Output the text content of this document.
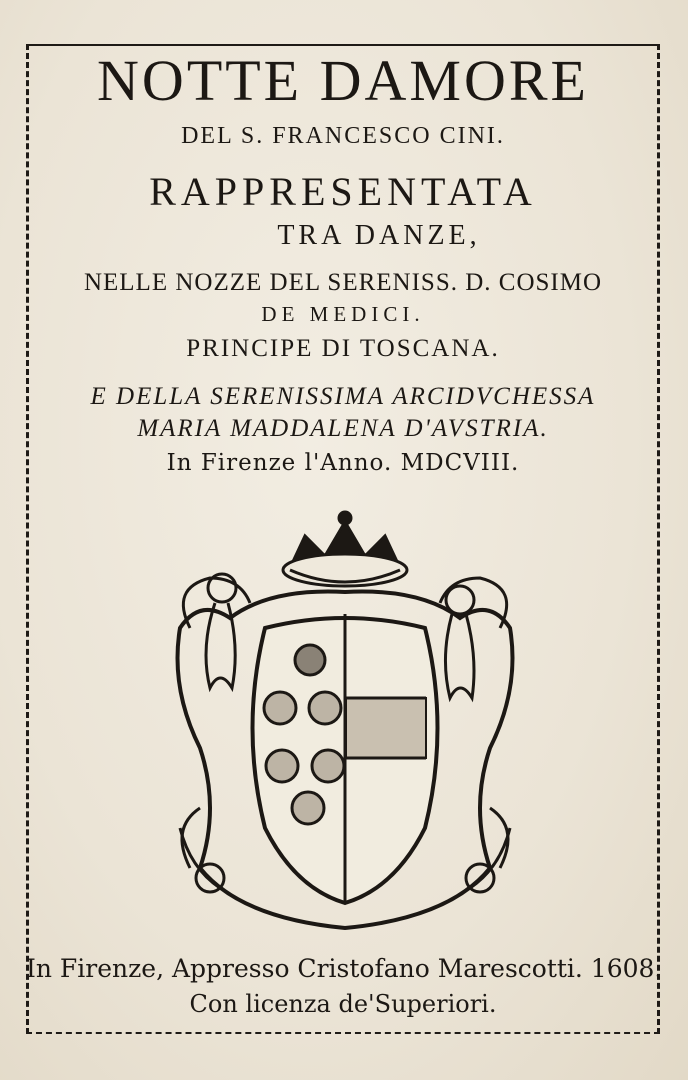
NOTTE DAMORE
DEL S. FRANCESCO CINI.
RAPPRESENTATA
TRA DANZE,
NELLE NOZZE DEL SERENISS. D. COSIMO
DE MEDICI.
PRINCIPE DI TOSCANA.
E DELLA SERENISSIMA ARCIDVCHESSA
MARIA MADDALENA D'AVSTRIA.
In Firenze l'Anno. MDCVIII.
In Firenze, Appresso Cristofano Marescotti. 1608.
Con licenza de'Superiori.
